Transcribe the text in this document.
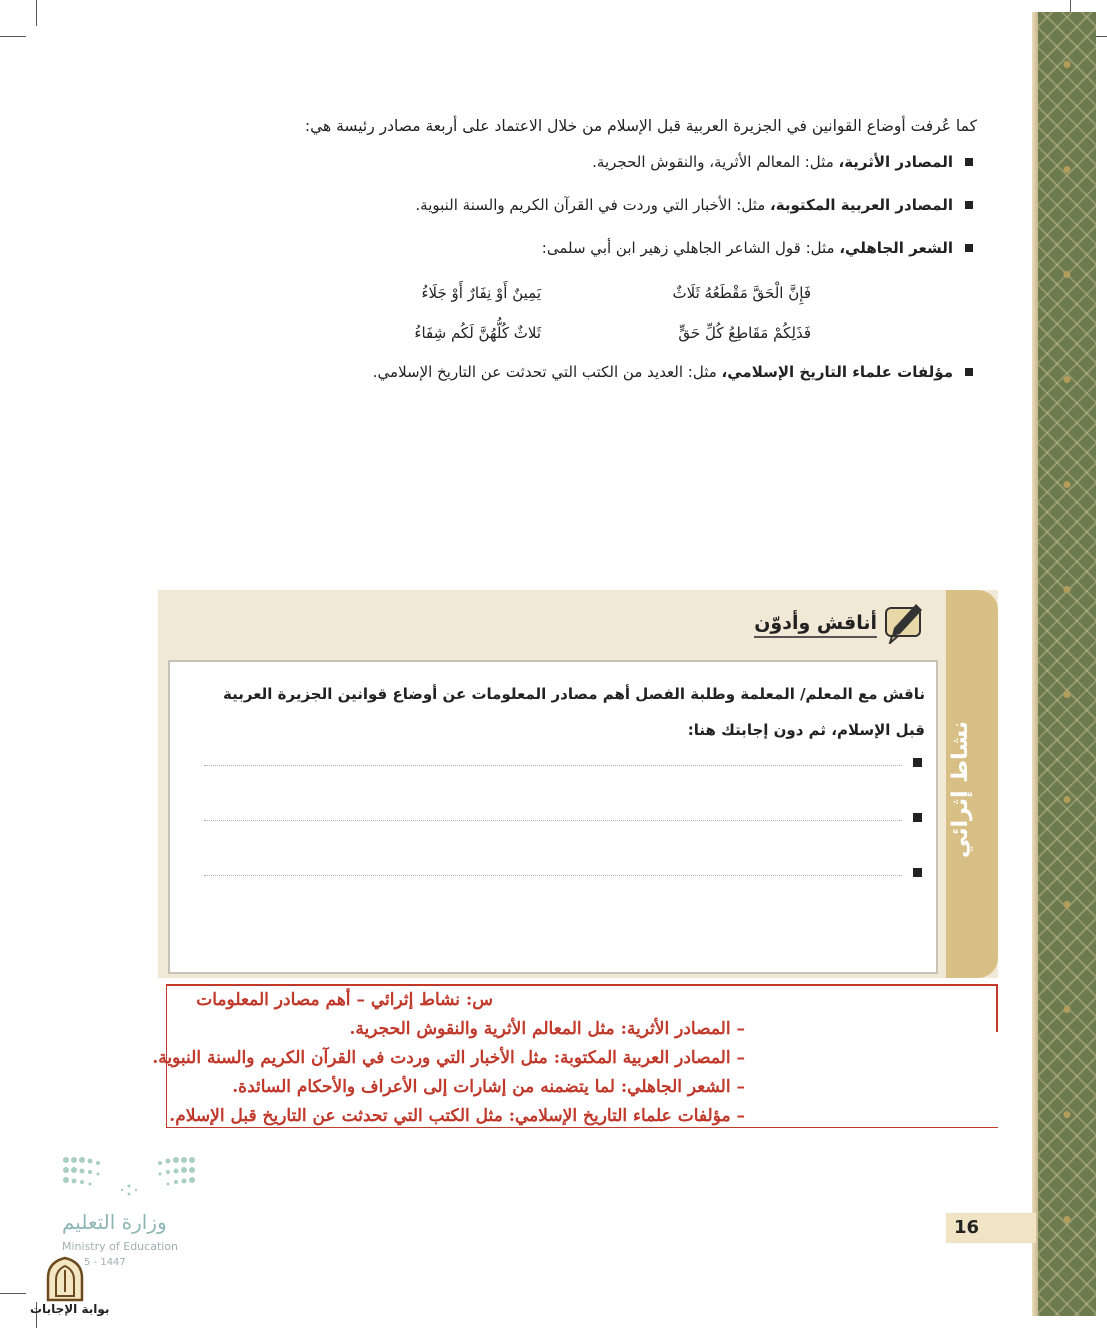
كما عُرفت أوضاع القوانين في الجزيرة العربية قبل الإسلام من خلال الاعتماد على أربعة مصادر رئيسة هي:
المصادر الأثرية، مثل: المعالم الأثرية، والنقوش الحجرية.
المصادر العربية المكتوبة، مثل: الأخبار التي وردت في القرآن الكريم والسنة النبوية.
الشعر الجاهلي، مثل: قول الشاعر الجاهلي زهير ابن أبي سلمى:
فَإِنَّ الْحَقَّ مَقْطَعُهُ ثَلَاثٌ
يَمِينٌ أَوْ نِفَارٌ أَوْ جَلَاءُ
فَذَلِكُمْ مَقَاطِعُ كُلِّ حَقٍّ
ثَلاثٌ كُلُّهُنَّ لَكُم شِفَاءُ
مؤلفات علماء التاريخ الإسلامي، مثل: العديد من الكتب التي تحدثت عن التاريخ الإسلامي.
نشاط إثرائي
أناقش وأدوّن
ناقش مع المعلم/ المعلمة وطلبة الفصل أهم مصادر المعلومات عن أوضاع قوانين الجزيرة العربية
قبل الإسلام، ثم دون إجابتك هنا:
س: نشاط إثرائي – أهم مصادر المعلومات
– المصادر الأثرية: مثل المعالم الأثرية والنقوش الحجرية.
– المصادر العربية المكتوبة: مثل الأخبار التي وردت في القرآن الكريم والسنة النبوية.
– الشعر الجاهلي: لما يتضمنه من إشارات إلى الأعراف والأحكام السائدة.
– مؤلفات علماء التاريخ الإسلامي: مثل الكتب التي تحدثت عن التاريخ قبل الإسلام.
16
وزارة التعليم
Ministry of Education
5 - 1447
بوابة الإجابات
